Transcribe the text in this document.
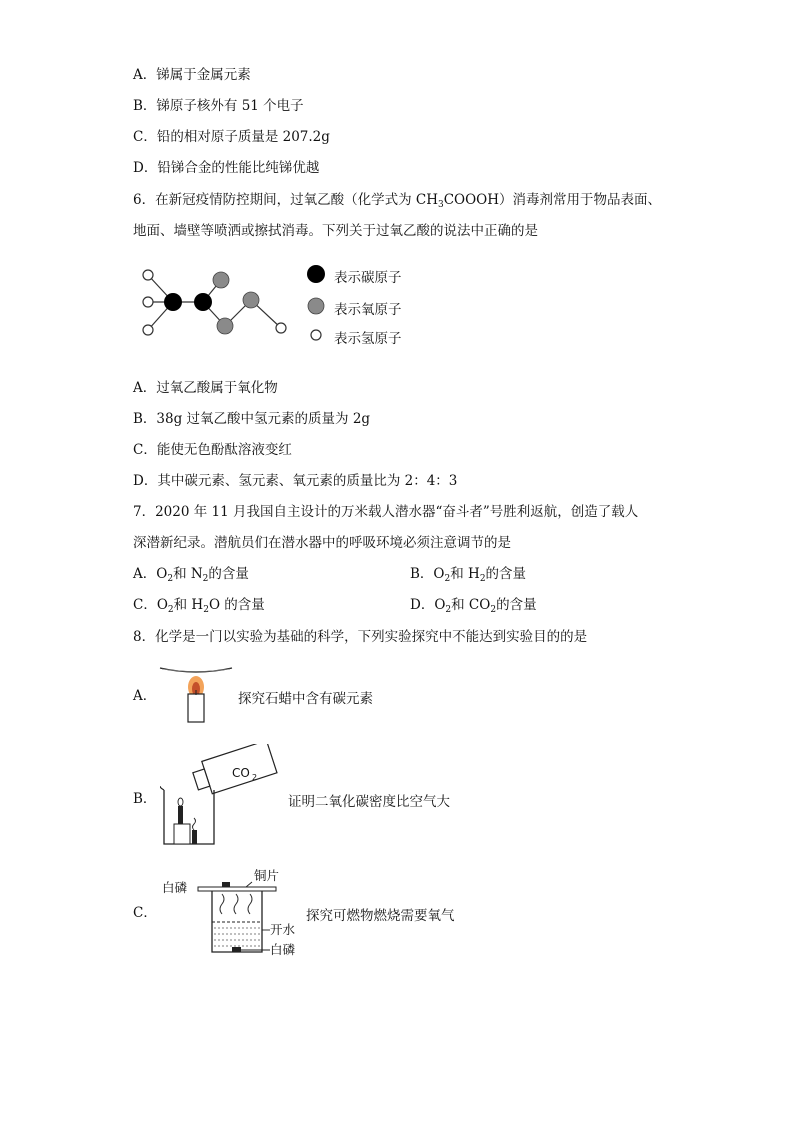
A．锑属于金属元素
B．锑原子核外有 51 个电子
C．铅的相对原子质量是 207.2g
D．铅锑合金的性能比纯锑优越
6．在新冠疫情防控期间，过氧乙酸（化学式为 $CH_3COOOH$）消毒剂常用于物品表面、
地面、墙壁等喷洒或擦拭消毒。下列关于过氧乙酸的说法中正确的是
表示碳原子
表示氧原子
表示氢原子
A．过氧乙酸属于氧化物
B．38g 过氧乙酸中氢元素的质量为 2g
C．能使无色酚酞溶液变红
D．其中碳元素、氢元素、氧元素的质量比为 2：4：3
7．2020 年 11 月我国自主设计的万米载人潜水器“奋斗者”号胜利返航，创造了载人
深潜新纪录。潜航员们在潜水器中的呼吸环境必须注意调节的是
A．$O_2$和 $N_2$的含量	B．$O_2$和 $H_2$的含量
C．$O_2$和 $H_2O$ 的含量	D．$O_2$和 $CO_2$的含量
8．化学是一门以实验为基础的科学，下列实验探究中不能达到实验目的的是
A．	探究石蜡中含有碳元素
B．
CO 2
证明二氧化碳密度比空气大
C．
白磷
铜片
开水
白磷
探究可燃物燃烧需要氧气
